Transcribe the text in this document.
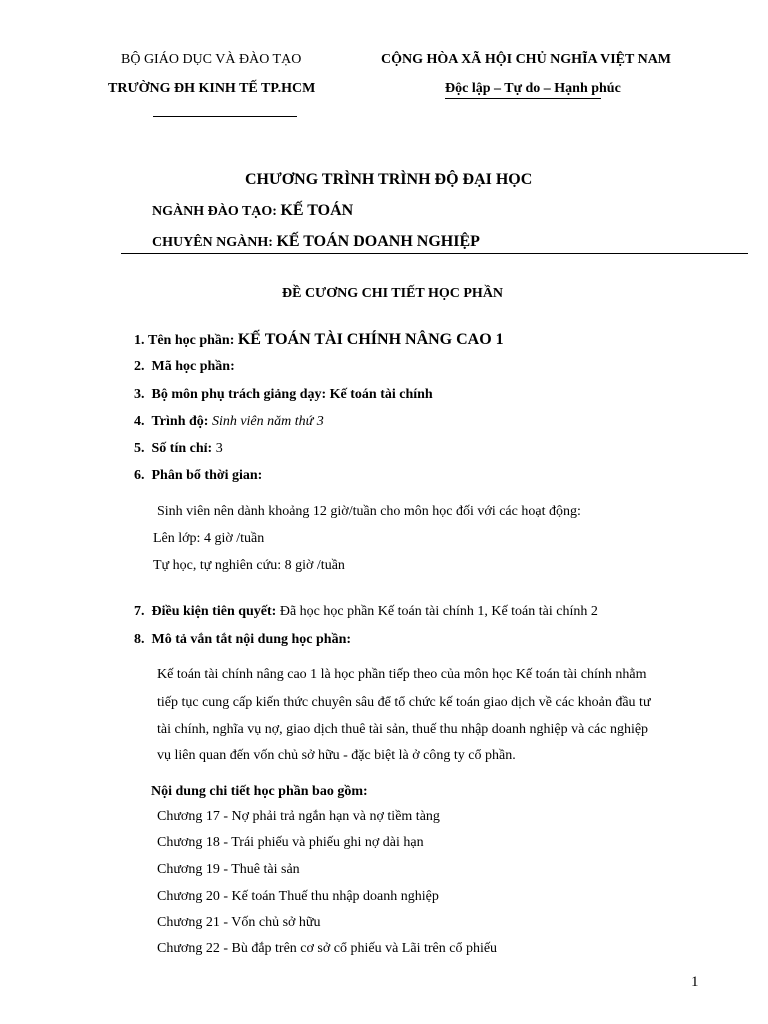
BỘ GIÁO DỤC VÀ ĐÀO TẠO
TRƯỜNG ĐH KINH TẾ TP.HCM
CỘNG HÒA XÃ HỘI CHỦ NGHĨA VIỆT NAM
Độc lập – Tự do – Hạnh phúc
CHƯƠNG TRÌNH TRÌNH ĐỘ ĐẠI HỌC
NGÀNH ĐÀO TẠO: KẾ TOÁN
CHUYÊN NGÀNH: KẾ TOÁN DOANH NGHIỆP
ĐỀ CƯƠNG CHI TIẾT HỌC PHẦN
1. Tên học phần: KẾ TOÁN TÀI CHÍNH NÂNG CAO 1
2. Mã học phần:
3. Bộ môn phụ trách giảng dạy: Kế toán tài chính
4. Trình độ: Sinh viên năm thứ 3
5. Số tín chỉ: 3
6. Phân bổ thời gian:
Sinh viên nên dành khoảng 12 giờ/tuần cho môn học đối với các hoạt động:
Lên lớp: 4 giờ /tuần
Tự học, tự nghiên cứu: 8 giờ /tuần
7. Điều kiện tiên quyết: Đã học học phần Kế toán tài chính 1, Kế toán tài chính 2
8. Mô tả vắn tắt nội dung học phần:
Kế toán tài chính nâng cao 1 là học phần tiếp theo của môn học Kế toán tài chính nhằm
tiếp tục cung cấp kiến thức chuyên sâu để tổ chức kế toán giao dịch về các khoản đầu tư
tài chính, nghĩa vụ nợ, giao dịch thuê tài sản, thuế thu nhập doanh nghiệp và các nghiệp
vụ liên quan đến vốn chủ sở hữu - đặc biệt là ở công ty cổ phần.
Nội dung chi tiết học phần bao gồm:
Chương 17 - Nợ phải trả ngắn hạn và nợ tiềm tàng
Chương 18 - Trái phiếu và phiếu ghi nợ dài hạn
Chương 19 - Thuê tài sản
Chương 20 - Kế toán Thuế thu nhập doanh nghiệp
Chương 21 - Vốn chủ sở hữu
Chương 22 - Bù đắp trên cơ sở cổ phiếu và Lãi trên cổ phiếu
1
